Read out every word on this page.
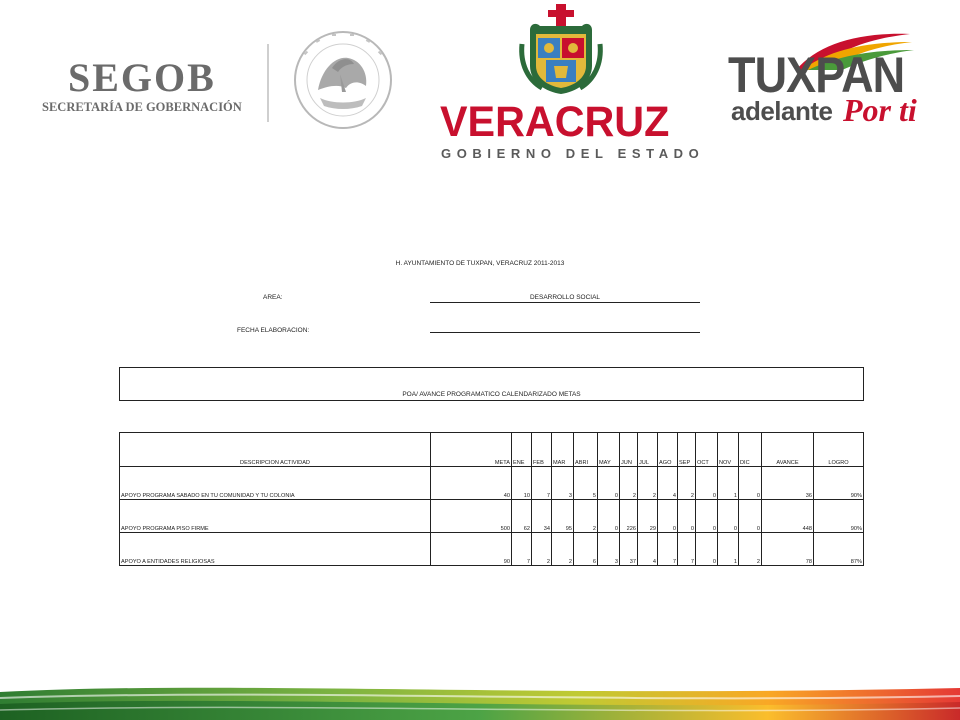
SEGOB
SECRETARÍA DE GOBERNACIÓN	VERACRUZ
GOBIERNO DEL ESTADO
TUXPAN
adelante Por ti
H. AYUNTAMIENTO DE TUXPAN, VERACRUZ 2011-2013
AREA:	DESARROLLO SOCIAL
FECHA ELABORACION:
POA/ AVANCE PROGRAMATICO CALENDARIZADO METAS
DESCRIPCION ACTIVIDAD	META	ENE	FEB	MAR	ABRI	MAY	JUN	JUL	AGO	SEP	OCT	NOV	DIC	AVANCE	LOGRO
APOYO PROGRAMA SABADO EN TU COMUNIDAD Y TU COLONIA	40	10	7	3	5	0	2	2	4	2	0	1	0	36	90%
APOYO PROGRAMA PISO FIRME	500	62	34	95	2	0	226	29	0	0	0	0	0	448	90%
APOYO A ENTIDADES RELIGIOSAS	90	7	2	2	6	3	37	4	7	7	0	1	2	78	87%
